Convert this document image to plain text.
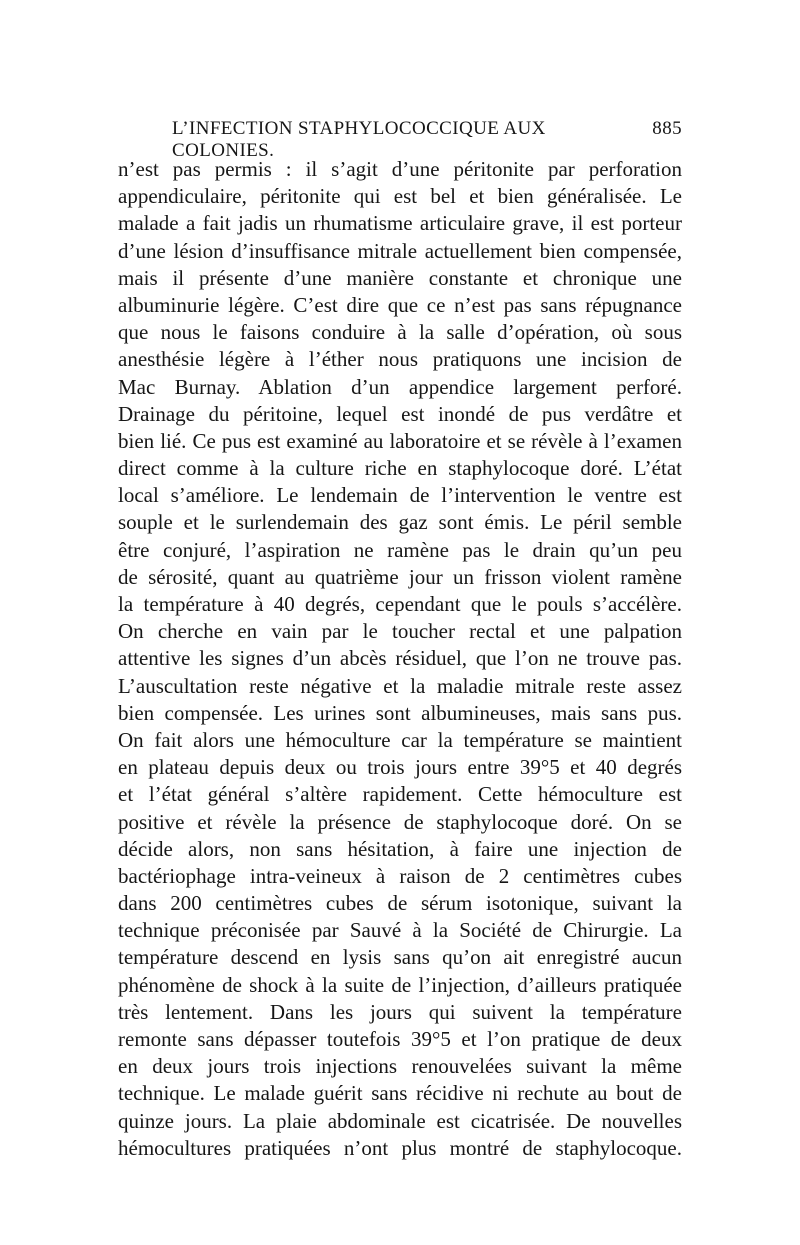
L’INFECTION STAPHYLOCOCCIQUE AUX COLONIES.
885
n’est pas permis : il s’agit d’une péritonite par perforation
appendiculaire, péritonite qui est bel et bien généralisée. Le
malade a fait jadis un rhumatisme articulaire grave, il est porteur
d’une lésion d’insuffisance mitrale actuellement bien compensée,
mais il présente d’une manière constante et chronique une
albuminurie légère. C’est dire que ce n’est pas sans répugnance
que nous le faisons conduire à la salle d’opération, où sous
anesthésie légère à l’éther nous pratiquons une incision de
Mac Burnay. Ablation d’un appendice largement perforé.
Drainage du péritoine, lequel est inondé de pus verdâtre et
bien lié. Ce pus est examiné au laboratoire et se révèle à l’examen
direct comme à la culture riche en staphylocoque doré. L’état
local s’améliore. Le lendemain de l’intervention le ventre est
souple et le surlendemain des gaz sont émis. Le péril semble
être conjuré, l’aspiration ne ramène pas le drain qu’un peu
de sérosité, quant au quatrième jour un frisson violent ramène
la température à 40 degrés, cependant que le pouls s’accélère.
On cherche en vain par le toucher rectal et une palpation
attentive les signes d’un abcès résiduel, que l’on ne trouve pas.
L’auscultation reste négative et la maladie mitrale reste assez
bien compensée. Les urines sont albumineuses, mais sans pus.
On fait alors une hémoculture car la température se maintient
en plateau depuis deux ou trois jours entre 39°5 et 40 degrés
et l’état général s’altère rapidement. Cette hémoculture est
positive et révèle la présence de staphylocoque doré. On se
décide alors, non sans hésitation, à faire une injection de
bactériophage intra-veineux à raison de 2 centimètres cubes
dans 200 centimètres cubes de sérum isotonique, suivant la
technique préconisée par Sauvé à la Société de Chirurgie. La
température descend en lysis sans qu’on ait enregistré aucun
phénomène de shock à la suite de l’injection, d’ailleurs pratiquée
très lentement. Dans les jours qui suivent la température
remonte sans dépasser toutefois 39°5 et l’on pratique de deux
en deux jours trois injections renouvelées suivant la même
technique. Le malade guérit sans récidive ni rechute au bout de
quinze jours. La plaie abdominale est cicatrisée. De nouvelles
hémocultures pratiquées n’ont plus montré de staphylocoque.
